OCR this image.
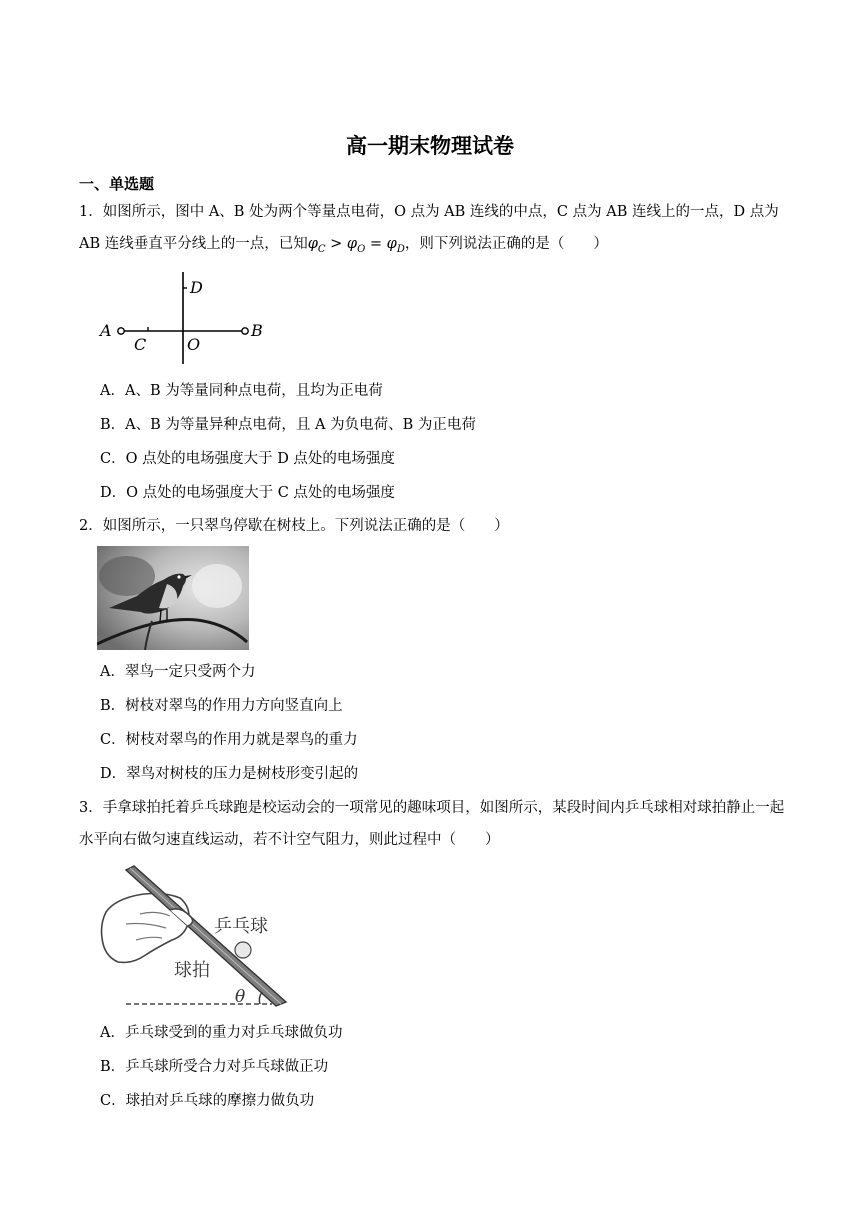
高一期末物理试卷
一、单选题

1．如图所示，图中 A、B 处为两个等量点电荷，O 点为 AB 连线的中点，C 点为 AB 连线上的一点，D 点为 AB 连线垂直平分线上的一点，已知$\varphi_C > \varphi_O = \varphi_D$，则下列说法正确的是（　　）

A	B
C	O
D
A．A、B 为等量同种点电荷，且均为正电荷
B．A、B 为等量异种点电荷，且 A 为负电荷、B 为正电荷
C．O 点处的电场强度大于 D 点处的电场强度
D．O 点处的电场强度大于 C 点处的电场强度
2．如图所示，一只翠鸟停歇在树枝上。下列说法正确的是（　　）
A．翠鸟一定只受两个力
B．树枝对翠鸟的作用力方向竖直向上
C．树枝对翠鸟的作用力就是翠鸟的重力
D．翠鸟对树枝的压力是树枝形变引起的

3．手拿球拍托着乒乓球跑是校运动会的一项常见的趣味项目，如图所示，某段时间内乒乓球相对球拍静止一起水平向右做匀速直线运动，若不计空气阻力，则此过程中（　　）

乒乓球
球拍
θ
A．乒乓球受到的重力对乒乓球做负功
B．乒乓球所受合力对乒乓球做正功
C．球拍对乒乓球的摩擦力做负功
